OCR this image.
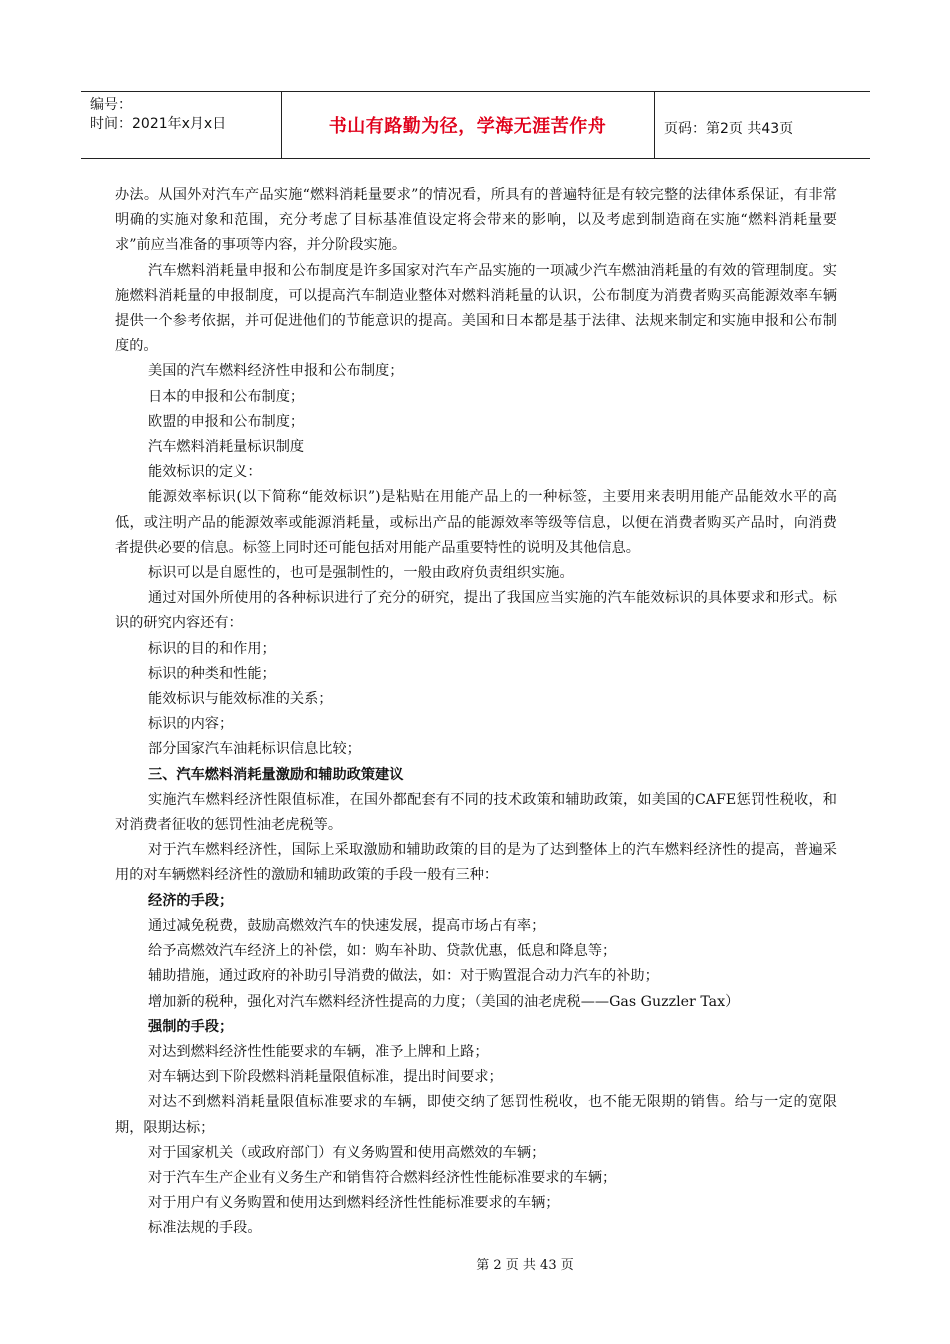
编号：
时间：2021年x月x日	书山有路勤为径，学海无涯苦作舟	页码：第2页 共43页

办法。从国外对汽车产品实施“燃料消耗量要求”的情况看，所具有的普遍特征是有较完整的法律体系保证，有非常明确的实施对象和范围，充分考虑了目标基准值设定将会带来的影响，以及考虑到制造商在实施“燃料消耗量要求”前应当准备的事项等内容，并分阶段实施。

汽车燃料消耗量申报和公布制度是许多国家对汽车产品实施的一项减少汽车燃油消耗量的有效的管理制度。实施燃料消耗量的申报制度，可以提高汽车制造业整体对燃料消耗量的认识，公布制度为消费者购买高能源效率车辆提供一个参考依据，并可促进他们的节能意识的提高。美国和日本都是基于法律、法规来制定和实施申报和公布制度的。

美国的汽车燃料经济性申报和公布制度；

日本的申报和公布制度；

欧盟的申报和公布制度；

汽车燃料消耗量标识制度

能效标识的定义：

能源效率标识(以下简称“能效标识”)是粘贴在用能产品上的一种标签，主要用来表明用能产品能效水平的高低，或注明产品的能源效率或能源消耗量，或标出产品的能源效率等级等信息，以便在消费者购买产品时，向消费者提供必要的信息。标签上同时还可能包括对用能产品重要特性的说明及其他信息。

标识可以是自愿性的，也可是强制性的，一般由政府负责组织实施。

通过对国外所使用的各种标识进行了充分的研究，提出了我国应当实施的汽车能效标识的具体要求和形式。标识的研究内容还有：

标识的目的和作用；

标识的种类和性能；

能效标识与能效标准的关系；

标识的内容；

部分国家汽车油耗标识信息比较；

三、汽车燃料消耗量激励和辅助政策建议

实施汽车燃料经济性限值标准，在国外都配套有不同的技术政策和辅助政策，如美国的CAFE惩罚性税收，和对消费者征收的惩罚性油老虎税等。

对于汽车燃料经济性，国际上采取激励和辅助政策的目的是为了达到整体上的汽车燃料经济性的提高，普遍采用的对车辆燃料经济性的激励和辅助政策的手段一般有三种：

经济的手段；

通过减免税费，鼓励高燃效汽车的快速发展，提高市场占有率；

给予高燃效汽车经济上的补偿，如：购车补助、贷款优惠，低息和降息等；

辅助措施，通过政府的补助引导消费的做法，如：对于购置混合动力汽车的补助；

增加新的税种，强化对汽车燃料经济性提高的力度；（美国的油老虎税——Gas Guzzler Tax）

强制的手段；

对达到燃料经济性性能要求的车辆，准予上牌和上路；

对车辆达到下阶段燃料消耗量限值标准，提出时间要求；

对达不到燃料消耗量限值标准要求的车辆，即使交纳了惩罚性税收，也不能无限期的销售。给与一定的宽限期，限期达标；

对于国家机关（或政府部门）有义务购置和使用高燃效的车辆；

对于汽车生产企业有义务生产和销售符合燃料经济性性能标准要求的车辆；

对于用户有义务购置和使用达到燃料经济性性能标准要求的车辆；

标准法规的手段。

第 2 页 共 43 页
